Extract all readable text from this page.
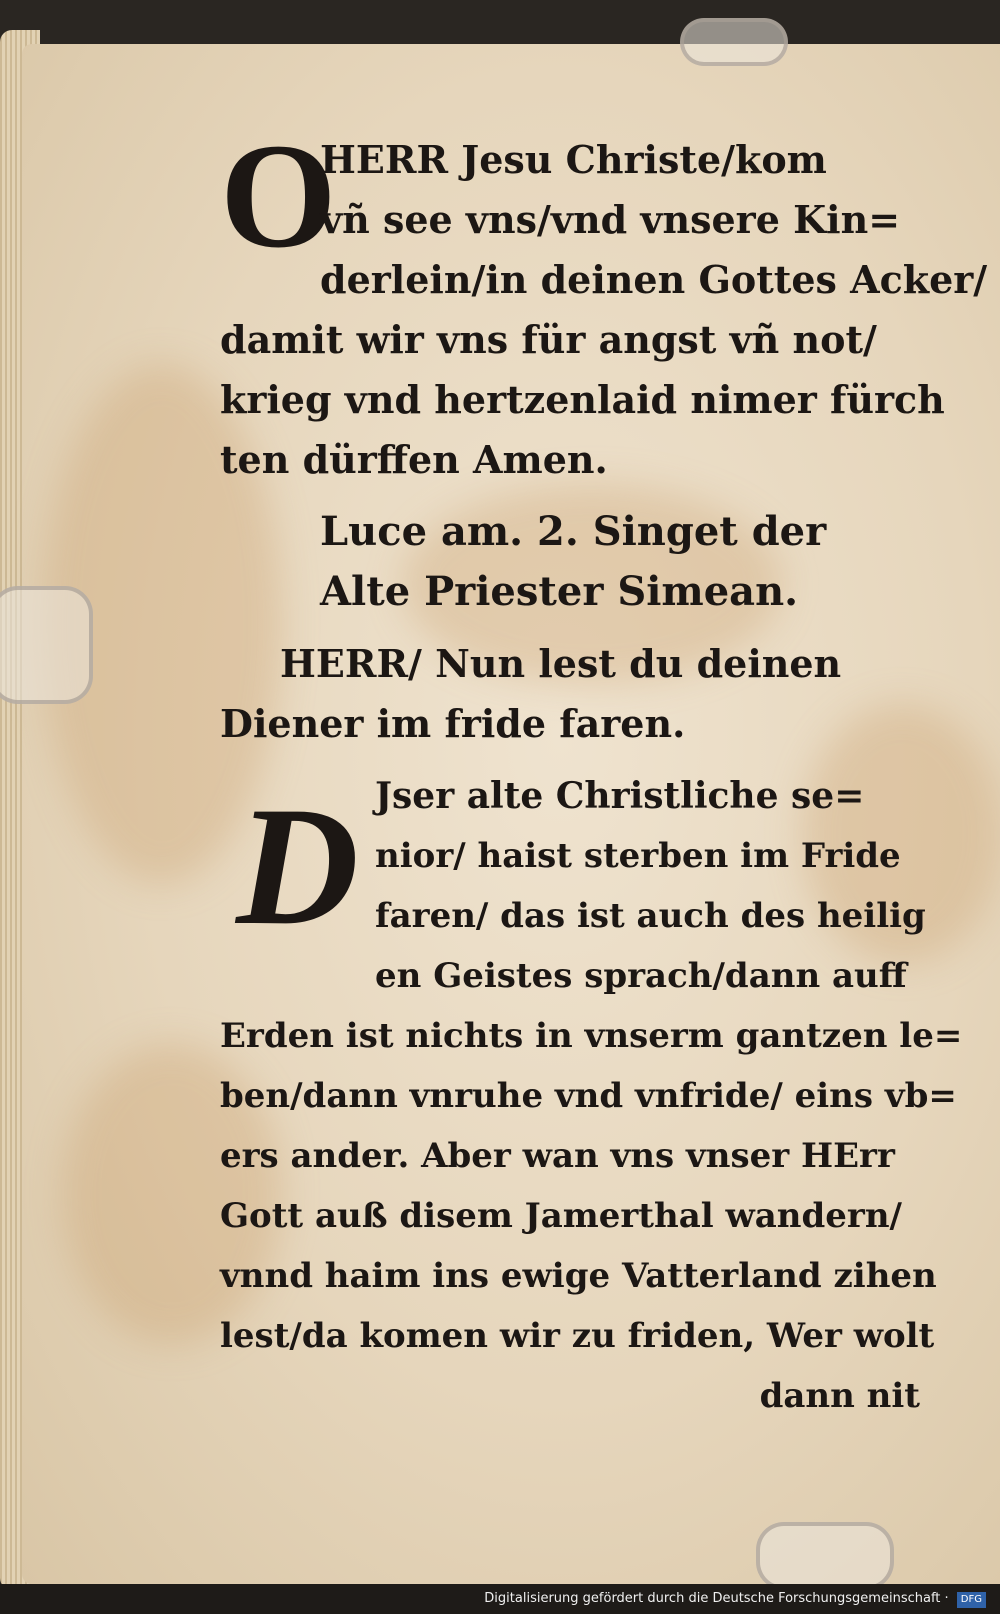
O
HERR Jesu Christe/kom
vñ see vns/vnd vnsere Kin=
derlein/in deinen Gottes Acker/
damit wir vns für angst vñ not/
krieg vnd hertzenlaid nimer fürch
ten dürffen Amen.
Luce am. 2. Singet der
Alte Priester Simean.
HERR/ Nun lest du deinen
Diener im fride faren.
D Jser alte Christliche se=
nior/ haist sterben im Fride
faren/ das ist auch des heilig
en Geistes sprach/dann auff
Erden ist nichts in vnserm gantzen le=
ben/dann vnruhe vnd vnfride/ eins vb=
ers ander. Aber wan vns vnser HErr
Gott auß disem Jamerthal wandern/
vnnd haim ins ewige Vatterland zihen
lest/da komen wir zu friden, Wer wolt
dann nit
Digitalisierung gefördert durch die Deutsche Forschungsgemeinschaft · DFG
